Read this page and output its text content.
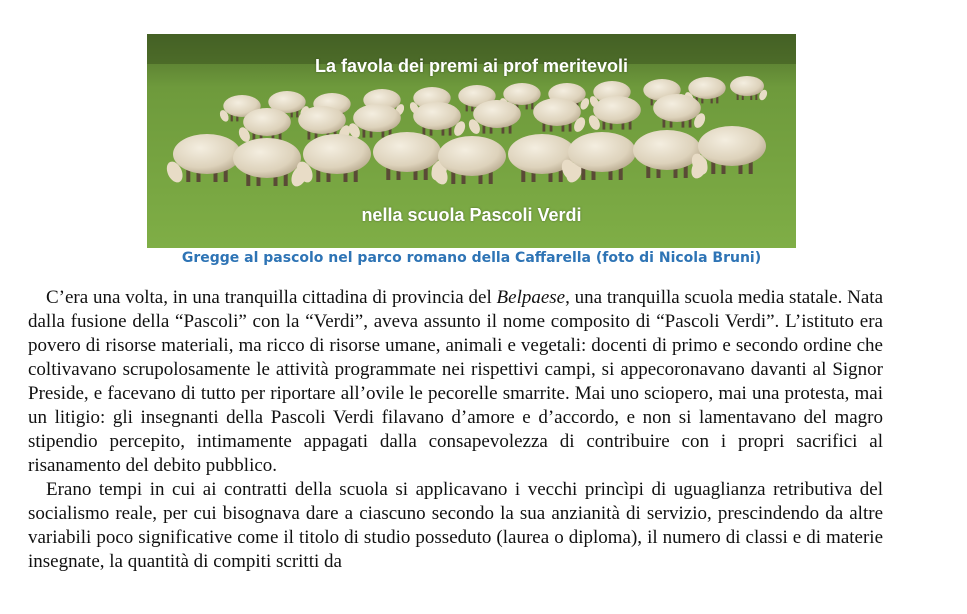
La favola dei premi ai prof meritevoli
nella scuola Pascoli Verdi
Gregge al pascolo nel parco romano della Caffarella (foto di Nicola Bruni)

C’era una volta, in una tranquilla cittadina di provincia del Belpaese, una tranquilla scuola media statale. Nata dalla fusione della “Pascoli” con la “Verdi”, aveva assunto il nome composito di “Pascoli Verdi”. L’istituto era povero di risorse materiali, ma ricco di risorse umane, animali e vegetali: docenti di primo e secondo ordine che coltivavano scrupolosamente le attività programmate nei rispettivi campi, si appecoronavano davanti al Signor Preside, e facevano di tutto per riportare all’ovile le pecorelle smarrite. Mai uno sciopero, mai una protesta, mai un litigio: gli insegnanti della Pascoli Verdi filavano d’amore e d’accordo, e non si lamentavano del magro stipendio percepito, intimamente appagati dalla consapevolezza di contribuire con i propri sacrifici al risanamento del debito pubblico.

Erano tempi in cui ai contratti della scuola si applicavano i vecchi princìpi di uguaglianza retributiva del socialismo reale, per cui bisognava dare a ciascuno secondo la sua anzianità di servizio, prescindendo da altre variabili poco significative come il titolo di studio posseduto (laurea o diploma), il numero di classi e di materie insegnate, la quantità di compiti scritti da
